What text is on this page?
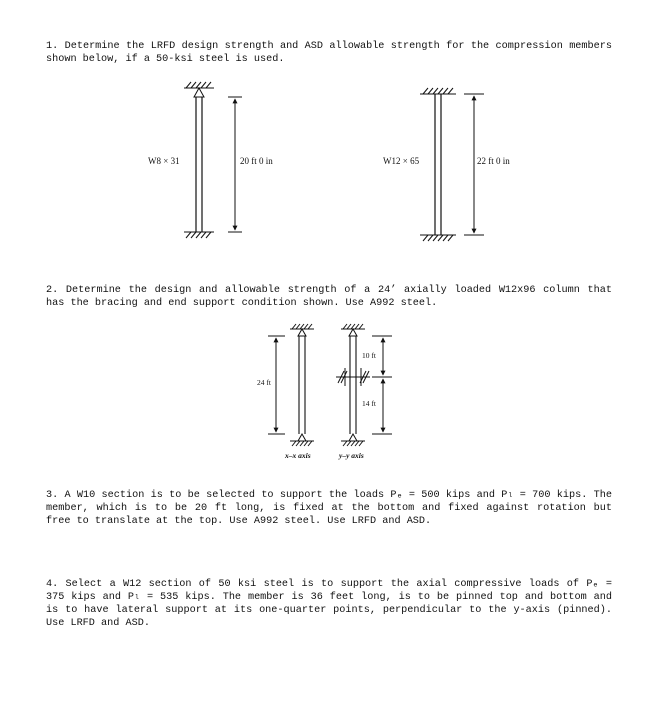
1. Determine the LRFD design strength and ASD allowable strength for the compression members shown below, if a 50-ksi steel is used.
W8 × 31	20 ft 0 in	W12 × 65	22 ft 0 in
24 ft
x–x axis
10 ft
14 ft
y–y axis
2. Determine the design and allowable strength of a 24’ axially loaded W12x96 column that has the bracing and end support condition shown. Use A992 steel.
3. A W10 section is to be selected to support the loads Pₑ = 500 kips and Pₗ = 700 kips. The member, which is to be 20 ft long, is fixed at the bottom and fixed against rotation but free to translate at the top. Use A992 steel. Use LRFD and ASD.
4. Select a W12 section of 50 ksi steel is to support the axial compressive loads of Pₑ = 375 kips and Pₗ = 535 kips. The member is 36 feet long, is to be pinned top and bottom and is to have lateral support at its one-quarter points, perpendicular to the y-axis (pinned). Use LRFD and ASD.
